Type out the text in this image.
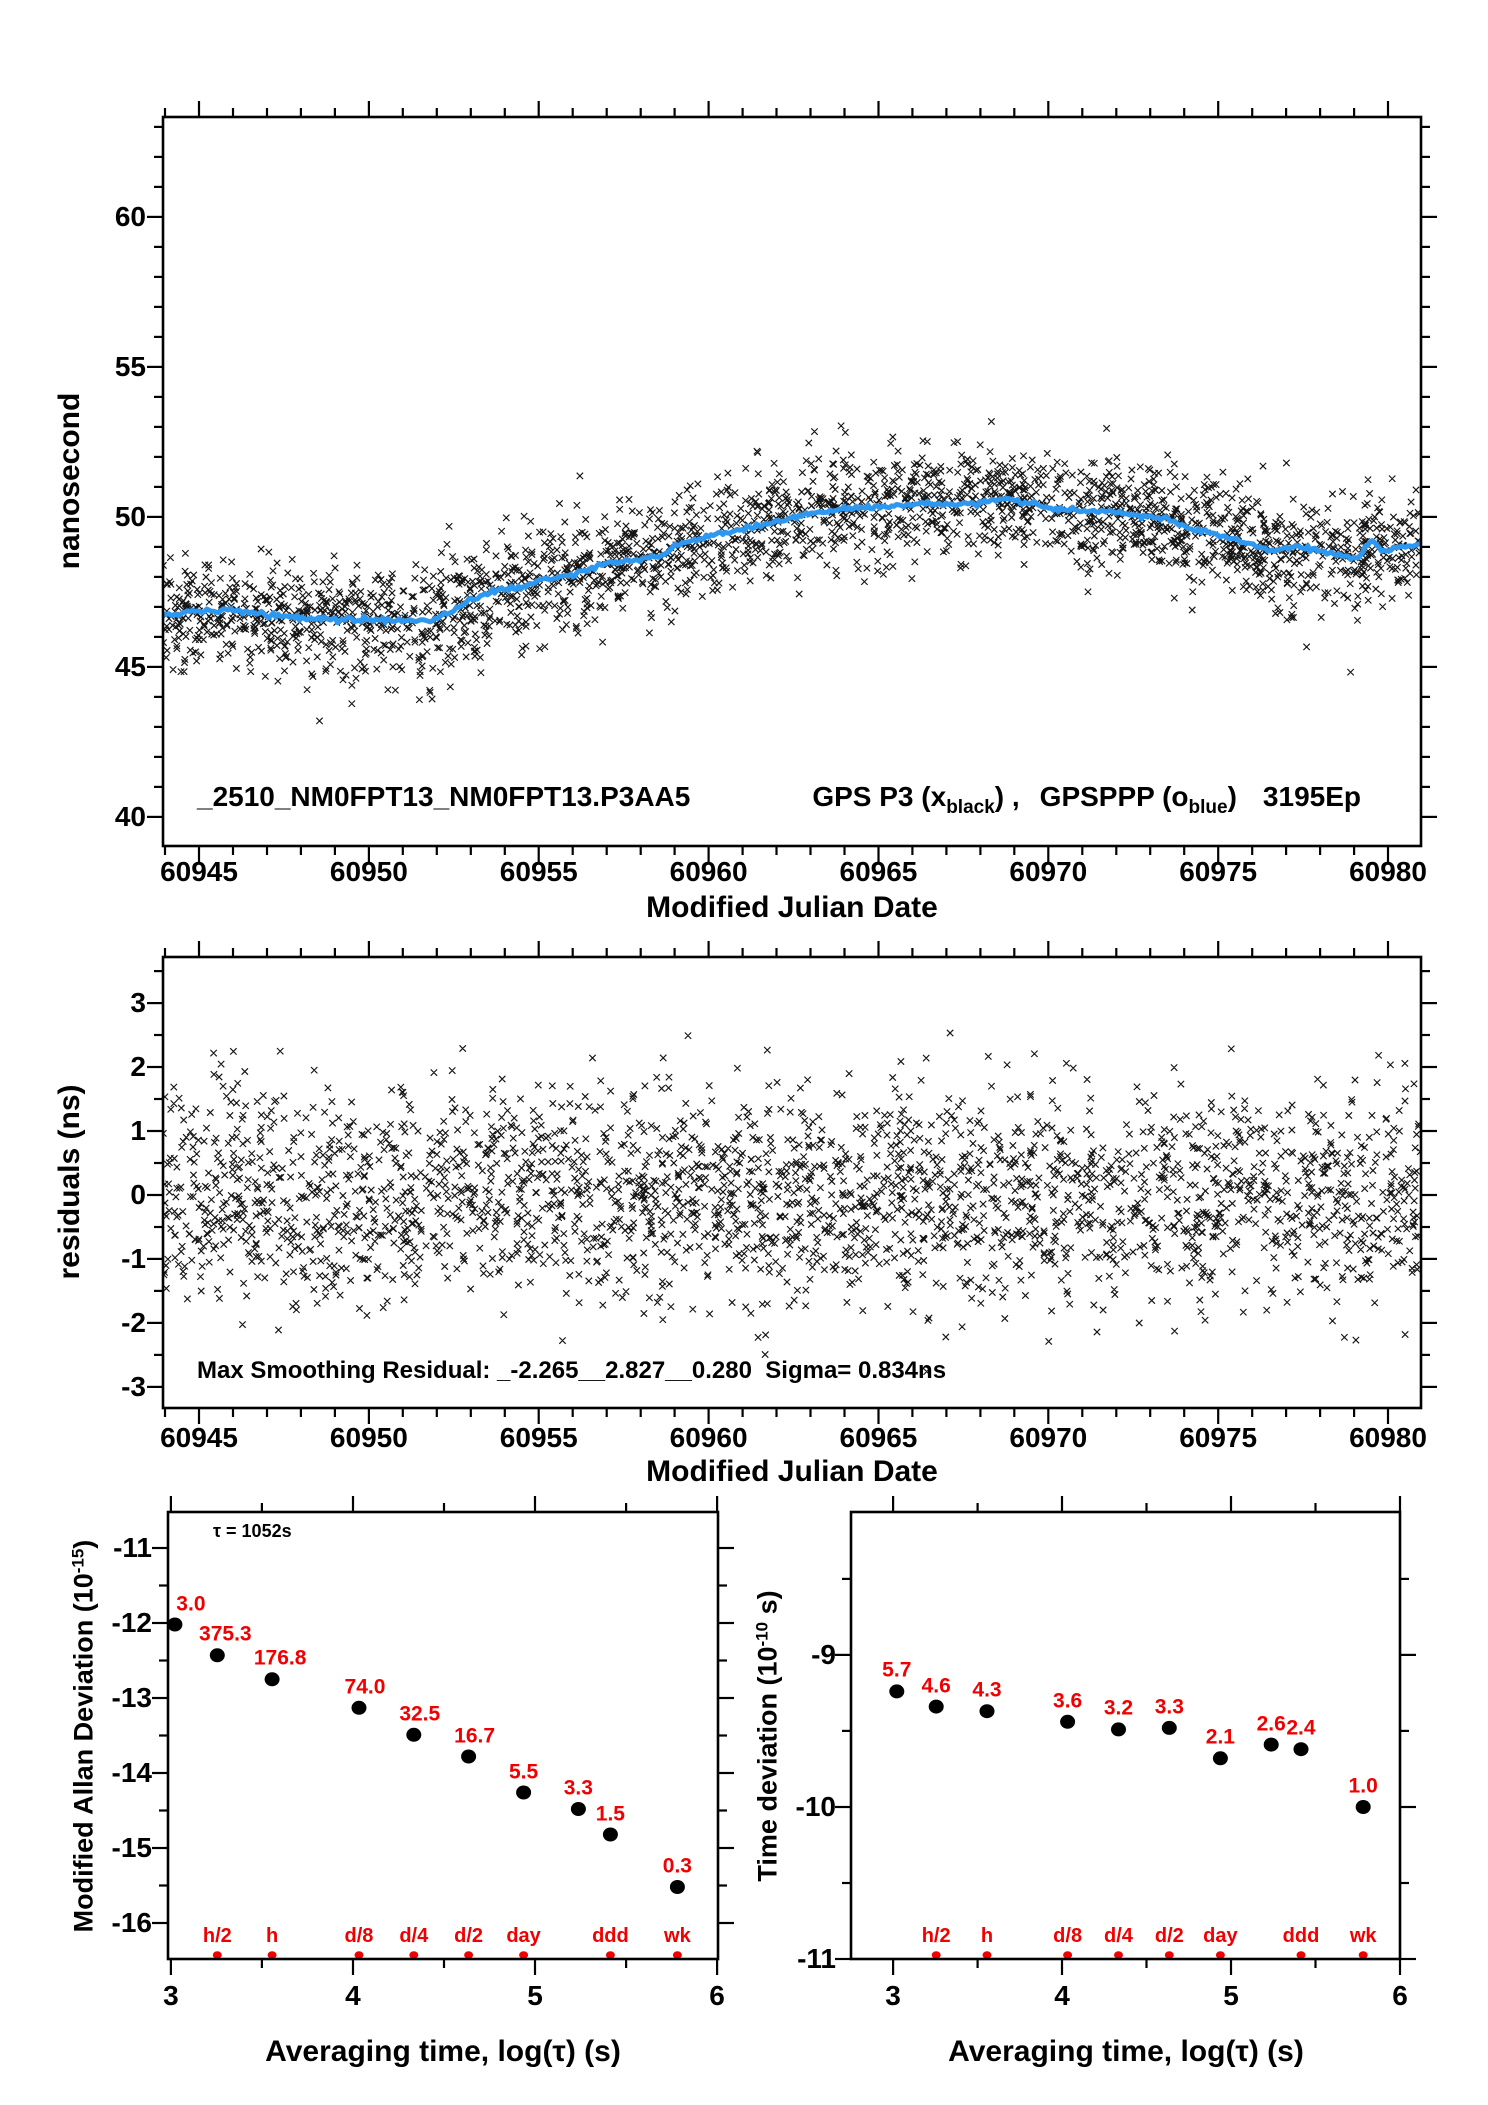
nanosecond
_2510_NM0FPT13_NM0FPT13.P3AA5	GPS P3 (x black ) , GPSPPP (o blue ) 3195Ep
Modified Julian Date
residuals (ns)
Max Smoothing Residual: _-2.265__2.827__0.280  Sigma= 0.834ns
Modified Julian Date
Modified Allan Deviation $(10^{-15})$
τ = 1052s
Averaging time, log(τ) (s)
Time deviation ($10^{-10}$ s)
Averaging time, log(τ) (s)
60945	60950	60955	60960	60965	60970	60975	60980
40
45
50
55
60
60945	60950	60955	60960	60965	60970	60975	60980
-3
-2
-1
0
1
2
3
3.0
375.3
176.8
74.0
32.5
16.7
5.5
3.3
1.5
0.3
h/2 h	d/8 d/4 d/2 day	ddd wk
3	4	5	6
-16
-15
-14
-13
-12
-11
5.7
4.6 4.3 3.6 3.2 3.3
2.1
2.6 2.4
1.0
h/2 h	d/8 d/4 d/2 day ddd wk
3	4	5	6
-11
-10
-9
